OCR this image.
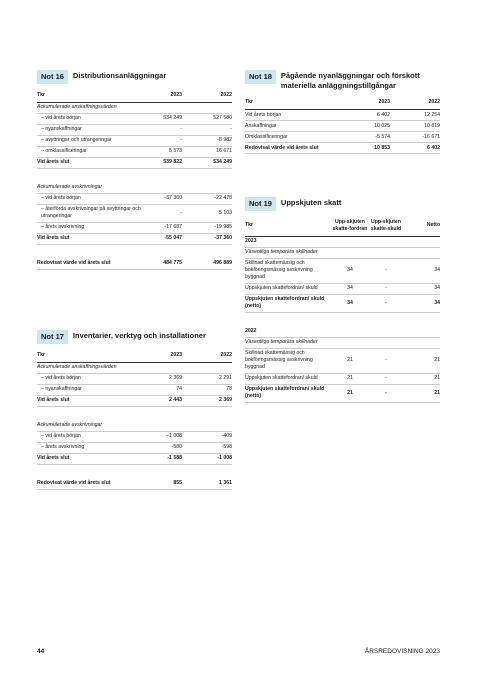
Not 16	Distributionsanläggningar
Tkr	2023	2022
Ackumulerade anskaffningsvärden		
– vid årets början	534 249	527 580
– nyanskaffningar	-	-
– avyttringar och utrangeringar	-	-8 982
– omklassificeringar	5 573	16 671
Vid årets slut	539 822	534 249

Ackumulerade avskrivningar		
– vid årets början	-37 360	-22 478
– återförda avskrivningar på avyttringar och utrangeringar	-	5 103
– årets avskrivning	-17 687	-19 985
Vid årets slut	-55 047	-37 360

Redovisat värde vid årets slut	484 775	496 889
Not 17	Inventarier, verktyg och installationer
Tkr	2023	2022
Ackumulerade anskaffningsvärden		
– vid årets början	2 369	2 291
– nyanskaffningar	74	78
Vid årets slut	2 443	2 369

Ackumulerade avskrivningar		
– vid årets början	–1 008	-409
– årets avskrivning	-580	-598
Vid årets slut	-1 588	-1 008

Redovisat värde vid årets slut	855	1 361
Not 18	Pågående nyanläggningar och förskott materiella anläggningstillgångar
Tkr	2023	2022
Vid årets början	6 402	12 254
Anskaffningar	10 025	10 819
Omklassificeringar	-5 574	-16 671
Redovisat värde vid årets slut	10 853	6 402
Not 19	Uppskjuten skatt
Tkr	Upp-skjuten skatte-fordran	Upp-skjuten skatte-skuld	Netto
2023			
Väsentliga temporära skillnader			
Skillnad skattemässig och bokföringsmässig avskrivning byggnad	34	-	34
Uppskjuten skattefordran/ skuld	34	-	34
Uppskjuten skattefordran/ skuld (netto)	34	-	34

2022			
Väsentliga temporära skillnader			
Skillnad skattemässig och bokföringsmässig avskrivning byggnad	21	-	21
Uppskjuten skattefordran/ skuld	21	-	21
Uppskjuten skattefordran/ skuld (netto)	21	-	21
44	ÅRSREDOVISNING 2023
